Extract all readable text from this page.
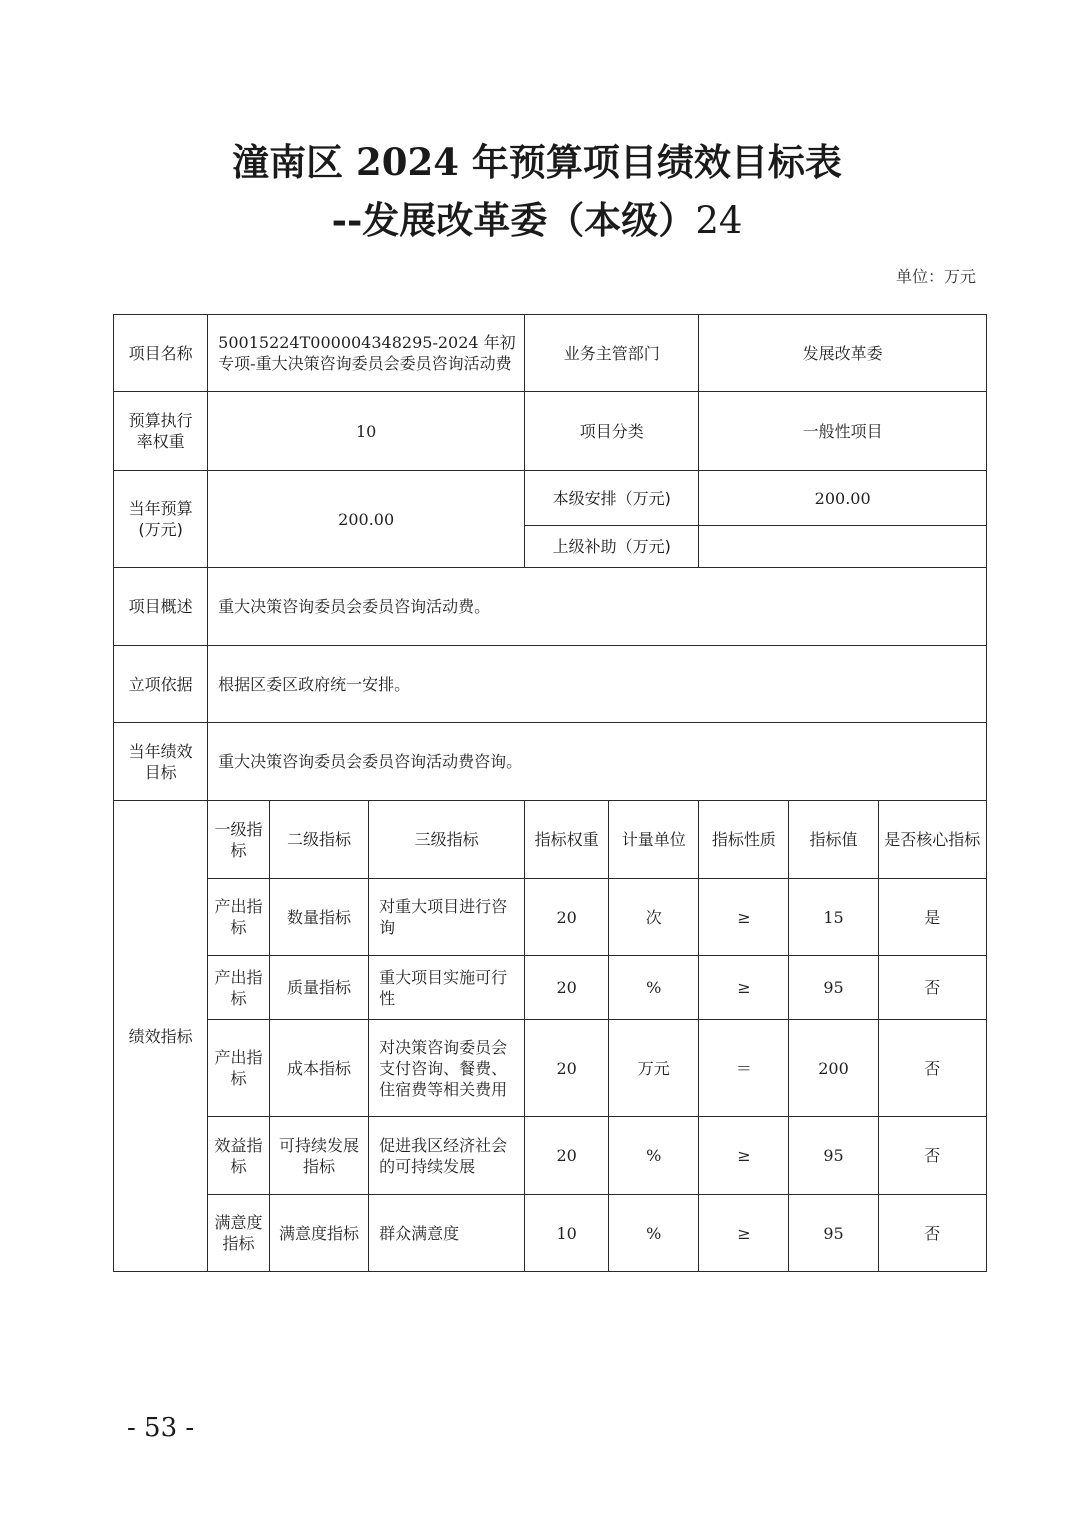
潼南区 2024 年预算项目绩效目标表
--发展改革委（本级）24
单位：万元
项目名称	50015224T000004348295-2024 年初专项-重大决策咨询委员会委员咨询活动费			业务主管部门		发展改革委		
预算执行率权重	10			项目分类		一般性项目		
当年预算(万元)	200.00			本级安排（万元)		200.00		
				上级补助（万元)				
项目概述	重大决策咨询委员会委员咨询活动费。							
立项依据	根据区委区政府统一安排。							
当年绩效目标	重大决策咨询委员会委员咨询活动费咨询。							
绩效指标	一级指标	二级指标	三级指标	指标权重	计量单位	指标性质	指标值	是否核心指标
	产出指标	数量指标	对重大项目进行咨询	20	次	≥	15	是
	产出指标	质量指标	重大项目实施可行性	20	%	≥	95	否
	产出指标	成本指标	对决策咨询委员会支付咨询、餐费、住宿费等相关费用	20	万元	＝	200	否
	效益指标	可持续发展指标	促进我区经济社会的可持续发展	20	%	≥	95	否
	满意度指标	满意度指标	群众满意度	10	%	≥	95	否
- 53 -
